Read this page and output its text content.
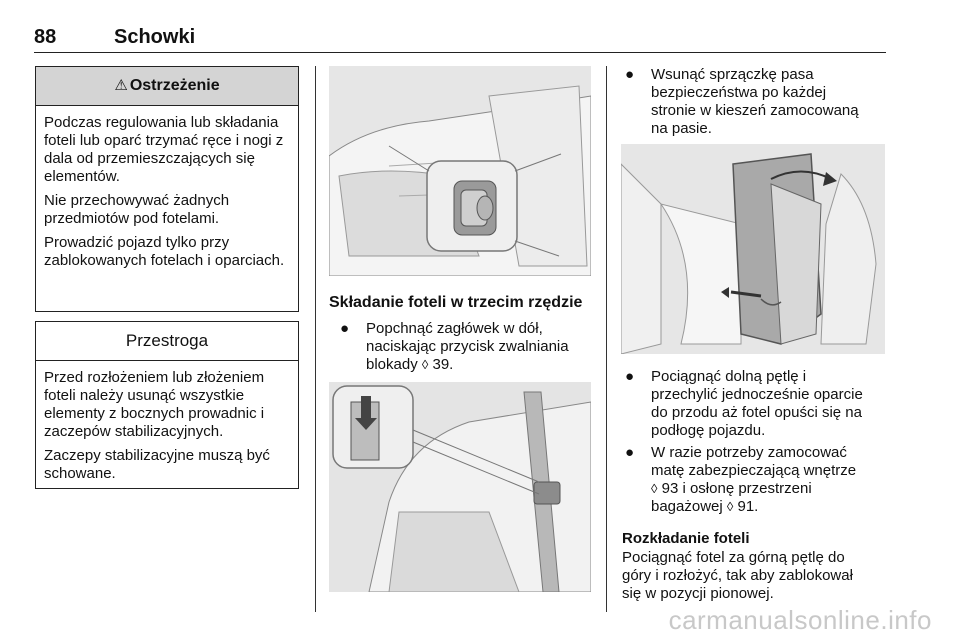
88	Schowki
⚠ Ostrzeżenie

Podczas regulowania lub składania foteli lub oparć trzymać ręce i nogi z dala od przemieszczających się elementów.

Nie przechowywać żadnych przedmiotów pod fotelami.

Prowadzić pojazd tylko przy zablokowanych fotelach i oparciach.

Przestroga

Przed rozłożeniem lub złożeniem foteli należy usunąć wszystkie elementy z bocznych prowadnic i zaczepów stabilizacyjnych.

Zaczepy stabilizacyjne muszą być schowane.

Składanie foteli w trzecim rzędzie
● Popchnąć zagłówek w dół,
naciskając przycisk zwalniania
blokady ◊ 39.
● Wsunąć sprzączkę pasa
bezpieczeństwa po każdej
stronie w kieszeń zamocowaną
na pasie.
● Pociągnąć dolną pętlę i
przechylić jednocześnie oparcie
do przodu aż fotel opuści się na
podłogę pojazdu.
● W razie potrzeby zamocować
matę zabezpieczającą wnętrze
◊ 93 i osłonę przestrzeni
bagażowej ◊ 91.
Rozkładanie foteli
Pociągnąć fotel za górną pętlę do
góry i rozłożyć, tak aby zablokował
się w pozycji pionowej.
carmanualsonline.info
